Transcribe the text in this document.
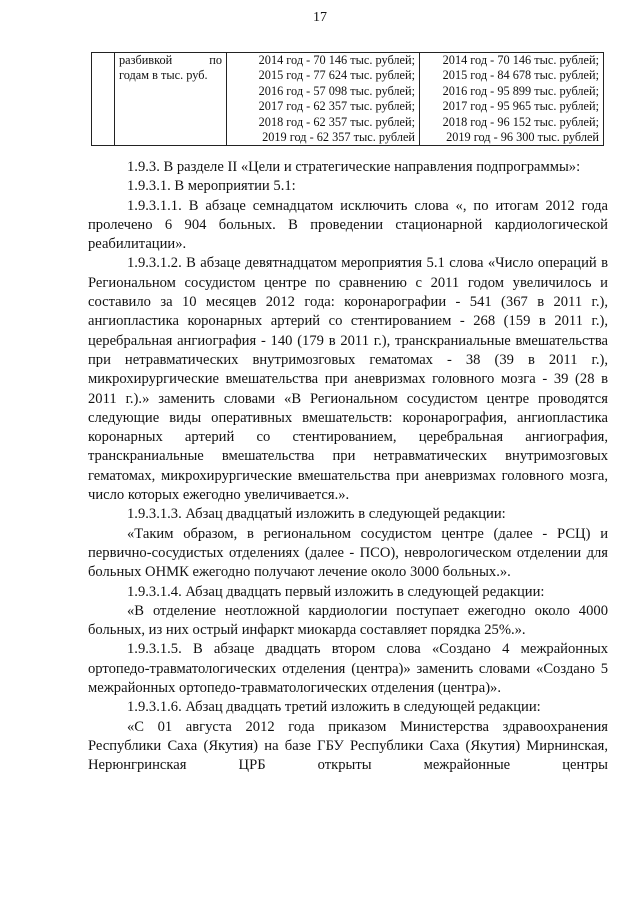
17

разбивкой по
годам в тыс. руб.

2014 год - 70 146 тыс. рублей;
2015 год - 77 624 тыс. рублей;
2016 год - 57 098 тыс. рублей;
2017 год - 62 357 тыс. рублей;
2018 год - 62 357 тыс. рублей;
2019 год - 62 357 тыс. рублей

2014 год - 70 146 тыс. рублей;
2015 год - 84 678 тыс. рублей;
2016 год - 95 899 тыс. рублей;
2017 год - 95 965 тыс. рублей;
2018 год - 96 152 тыс. рублей;
2019 год - 96 300 тыс. рублей

1.9.3. В разделе II «Цели и стратегические направления подпрограммы»:

1.9.3.1. В мероприятии 5.1:

1.9.3.1.1. В абзаце семнадцатом исключить слова «, по итогам 2012 года пролечено 6 904 больных. В проведении стационарной кардиологической реабилитации».

1.9.3.1.2. В абзаце девятнадцатом мероприятия 5.1 слова «Число операций в Региональном сосудистом центре по сравнению с 2011 годом увеличилось и составило за 10 месяцев 2012 года: коронарографии - 541 (367 в 2011 г.), ангиопластика коронарных артерий со стентированием - 268 (159 в 2011 г.), церебральная ангиография - 140 (179 в 2011 г.), транскраниальные вмешательства при нетравматических внутримозговых гематомах - 38 (39 в 2011 г.), микрохирургические вмешательства при аневризмах головного мозга - 39 (28 в 2011 г.).» заменить словами «В Региональном сосудистом центре проводятся следующие виды оперативных вмешательств: коронарография, ангиопластика коронарных артерий со стентированием, церебральная ангиография, транскраниальные вмешательства при нетравматических внутримозговых гематомах, микрохирургические вмешательства при аневризмах головного мозга, число которых ежегодно увеличивается.».

1.9.3.1.3. Абзац двадцатый изложить в следующей редакции:

«Таким образом, в региональном сосудистом центре (далее - РСЦ) и первично-сосудистых отделениях (далее - ПСО), неврологическом отделении для больных ОНМК ежегодно получают лечение около 3000 больных.».

1.9.3.1.4. Абзац двадцать первый изложить в следующей редакции:

«В отделение неотложной кардиологии поступает ежегодно около 4000 больных, из них острый инфаркт миокарда составляет порядка 25%.».

1.9.3.1.5. В абзаце двадцать втором слова «Создано 4 межрайонных ортопедо-травматологических отделения (центра)» заменить словами «Создано 5 межрайонных ортопедо-травматологических отделения (центра)».

1.9.3.1.6. Абзац двадцать третий изложить в следующей редакции:

«С 01 августа 2012 года приказом Министерства здравоохранения Республики Саха (Якутия) на базе ГБУ Республики Саха (Якутия) Мирнинская, Нерюнгринская ЦРБ открыты межрайонные центры
